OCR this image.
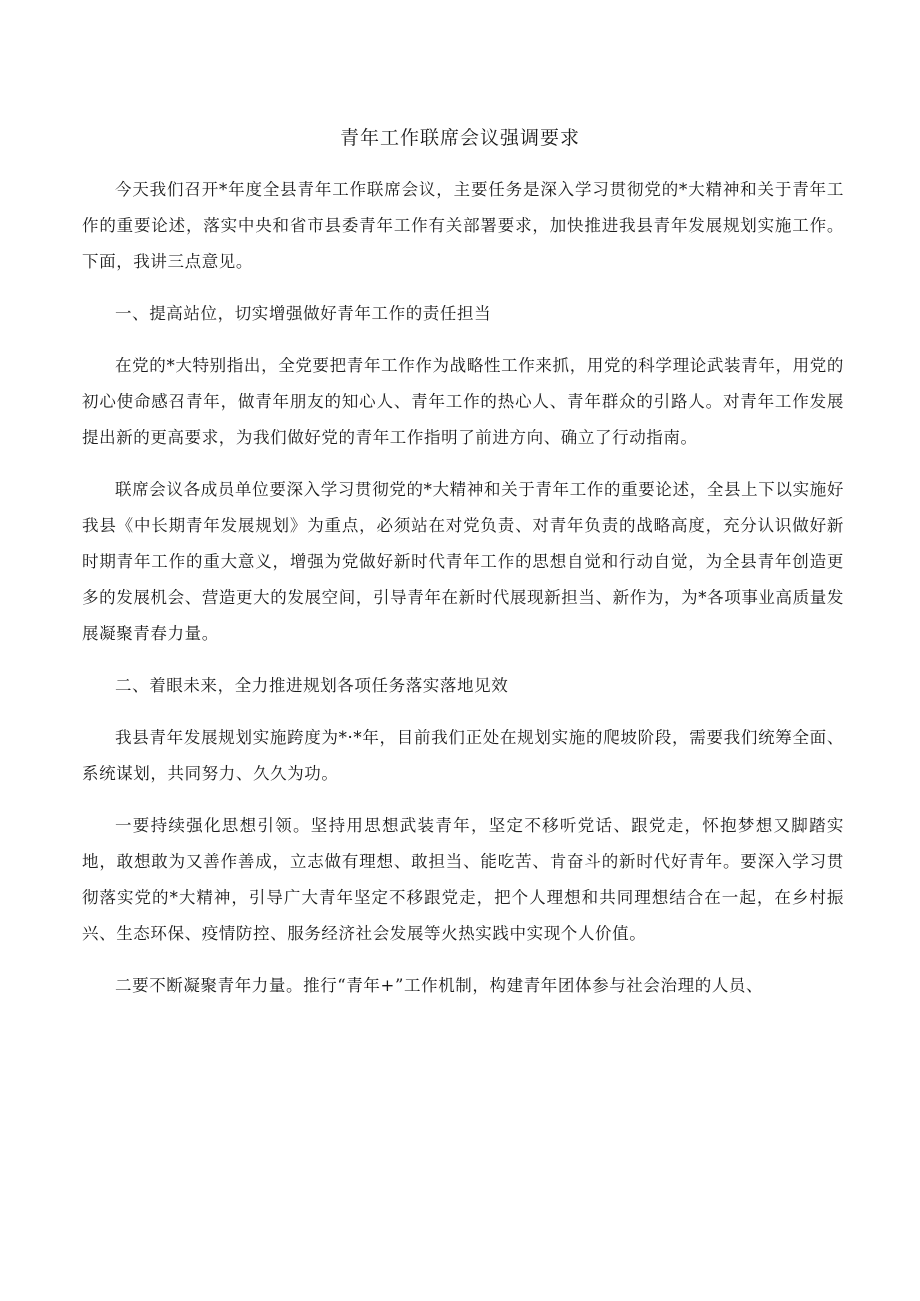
青年工作联席会议强调要求

今天我们召开*年度全县青年工作联席会议，主要任务是深入学习贯彻党的*大精神和关于青年工作的重要论述，落实中央和省市县委青年工作有关部署要求，加快推进我县青年发展规划实施工作。下面，我讲三点意见。

一、提高站位，切实增强做好青年工作的责任担当

在党的*大特别指出，全党要把青年工作作为战略性工作来抓，用党的科学理论武装青年，用党的初心使命感召青年，做青年朋友的知心人、青年工作的热心人、青年群众的引路人。对青年工作发展提出新的更高要求，为我们做好党的青年工作指明了前进方向、确立了行动指南。

联席会议各成员单位要深入学习贯彻党的*大精神和关于青年工作的重要论述，全县上下以实施好我县《中长期青年发展规划》为重点，必须站在对党负责、对青年负责的战略高度，充分认识做好新时期青年工作的重大意义，增强为党做好新时代青年工作的思想自觉和行动自觉，为全县青年创造更多的发展机会、营造更大的发展空间，引导青年在新时代展现新担当、新作为，为*各项事业高质量发展凝聚青春力量。

二、着眼未来，全力推进规划各项任务落实落地见效

我县青年发展规划实施跨度为*·*年，目前我们正处在规划实施的爬坡阶段，需要我们统筹全面、系统谋划，共同努力、久久为功。

一要持续强化思想引领。坚持用思想武装青年，坚定不移听党话、跟党走，怀抱梦想又脚踏实地，敢想敢为又善作善成，立志做有理想、敢担当、能吃苦、肯奋斗的新时代好青年。要深入学习贯彻落实党的*大精神，引导广大青年坚定不移跟党走，把个人理想和共同理想结合在一起，在乡村振兴、生态环保、疫情防控、服务经济社会发展等火热实践中实现个人价值。

二要不断凝聚青年力量。推行“青年+”工作机制，构建青年团体参与社会治理的人员、
